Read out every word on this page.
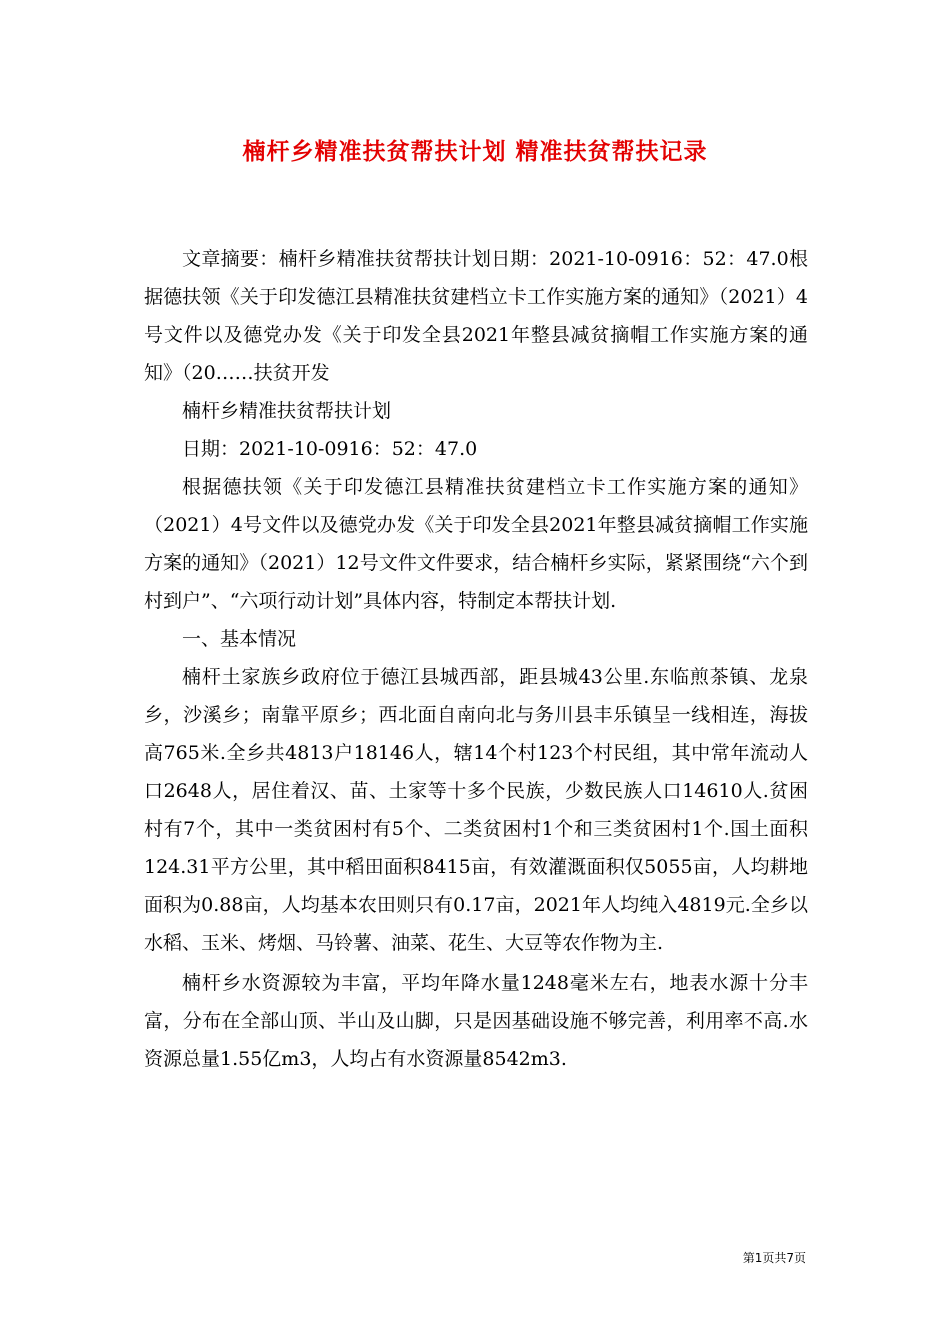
楠杆乡精准扶贫帮扶计划 精准扶贫帮扶记录

文章摘要：楠杆乡精准扶贫帮扶计划日期：2021-10-0916：52：47.0根据德扶领《关于印发德江县精准扶贫建档立卡工作实施方案的通知》（2021）4号文件以及德党办发《关于印发全县2021年整县减贫摘帽工作实施方案的通知》（20……扶贫开发

楠杆乡精准扶贫帮扶计划

日期：2021-10-0916：52：47.0

根据德扶领《关于印发德江县精准扶贫建档立卡工作实施方案的通知》（2021）4号文件以及德党办发《关于印发全县2021年整县减贫摘帽工作实施方案的通知》（2021）12号文件文件要求，结合楠杆乡实际，紧紧围绕“六个到村到户”、“六项行动计划”具体内容，特制定本帮扶计划.

一、基本情况

楠杆土家族乡政府位于德江县城西部，距县城43公里.东临煎茶镇、龙泉乡，沙溪乡；南靠平原乡；西北面自南向北与务川县丰乐镇呈一线相连，海拔高765米.全乡共4813户18146人，辖14个村123个村民组，其中常年流动人口2648人，居住着汉、苗、土家等十多个民族，少数民族人口14610人.贫困村有7个，其中一类贫困村有5个、二类贫困村1个和三类贫困村1个.国土面积124.31平方公里，其中稻田面积8415亩，有效灌溉面积仅5055亩，人均耕地面积为0.88亩，人均基本农田则只有0.17亩，2021年人均纯入4819元.全乡以水稻、玉米、烤烟、马铃薯、油菜、花生、大豆等农作物为主.

楠杆乡水资源较为丰富，平均年降水量1248毫米左右，地表水源十分丰富，分布在全部山顶、半山及山脚，只是因基础设施不够完善，利用率不高.水资源总量1.55亿m3，人均占有水资源量8542m3.

第1页共7页
